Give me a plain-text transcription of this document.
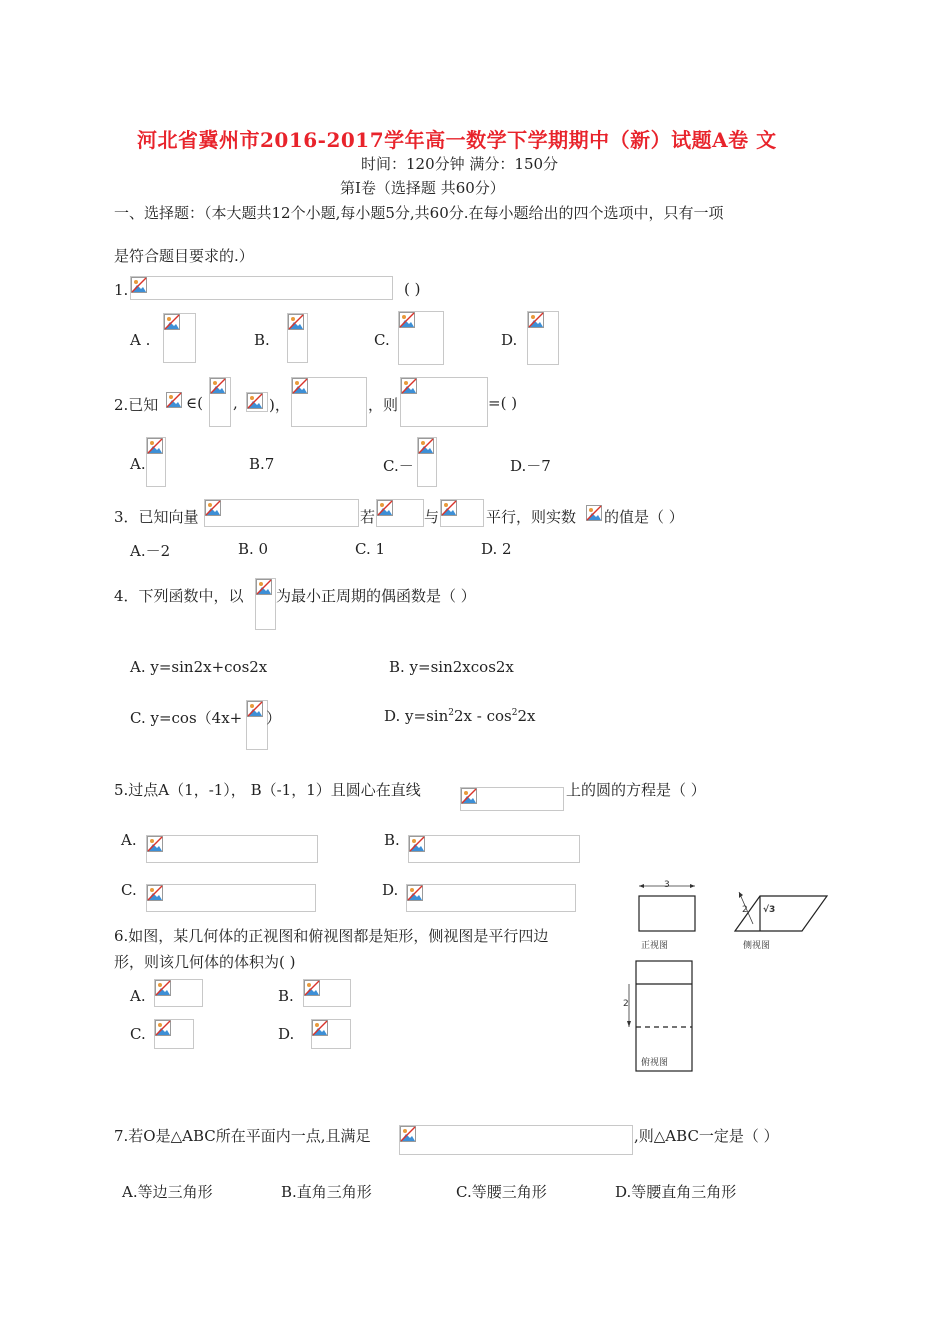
河北省冀州市2016-2017学年高一数学下学期期中（新）试题A卷 文
时间：120分钟 满分：150分
第I卷（选择题 共60分）
一、选择题：（本大题共12个小题,每小题5分,共60分.在每小题给出的四个选项中，只有一项
是符合题目要求的.）
1.	( )
A .	B.	C.	D.
2.已知 ∈( , )，	，则	=( )
A.	B.7	C.－	D.－7
3．已知向量	若	与	平行，则实数 的值是（ ）
A.－2	B. 0	C. 1	D. 2
4．下列函数中，以 为最小正周期的偶函数是（ ）
A. y=sin2x+cos2x	B. y=sin2xcos2x
C. y=cos（4x+ ）	D. $y=\sin^22x - \cos^22x$
5.过点A（1，-1）， B（-1，1）且圆心在直线	上的圆的方程是（ ）
A.	B.
C.	D.
6.如图，某几何体的正视图和俯视图都是矩形，侧视图是平行四边
形，则该几何体的体积为( )
A.	B.
C.	D.
3
正视图
2 √3
侧视图
2
俯视图
7.若O是△ABC所在平面内一点,且满足	,则△ABC一定是（ ）
A.等边三角形	B.直角三角形	C.等腰三角形	D.等腰直角三角形
